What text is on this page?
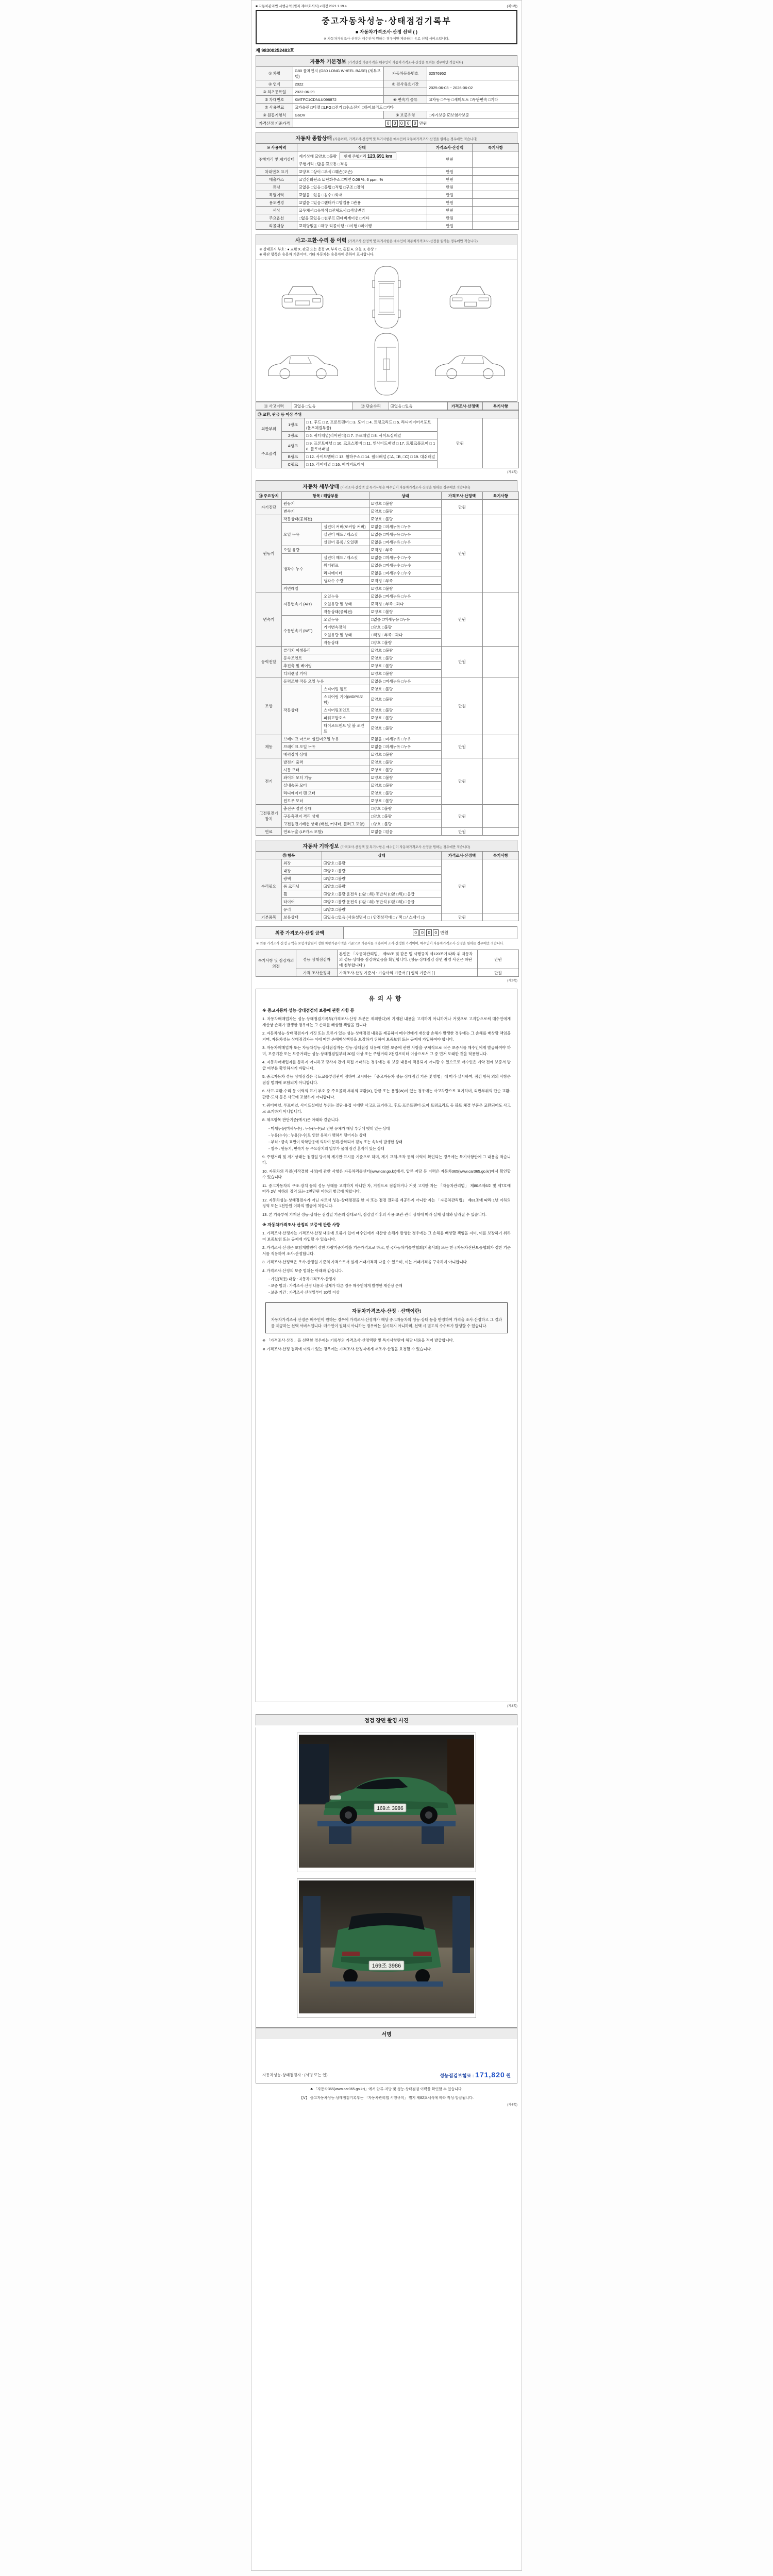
■ 자동차관리법 시행규칙 [별지 제82호서식] <개정 2021.1.19.>	(제1쪽)
중고자동차성능·상태점검기록부
■ 자동차가격조사·산정 선택 ( )
※ 자동차가격조사·산정은 매수인이 원하는 경우에만 제공하는 유료 선택 서비스입니다.
제 98300252483호
자동차 기본정보 (가격산정 기준가격은 매수인이 자동차가격조사·산정을 원하는 경우에만 적습니다)
① 차명	G80 풀체인지 (G80 LONG WHEEL BASE) (세부모델)	자동차등록번호	32576952
② 연식	2022	④ 검사유효기간	2025-06-03 ~ 2026-06-02
③ 최초등록일	2022-06-29		
⑤ 차대번호	KMTFC1CDNLU098872	⑥ 변속기 종류	☑자동 □수동 □세미오토 □무단변속 □기타
⑦ 사용연료	☑가솔린 □디젤 □LPG □전기 □수소전기 □하이브리드 □기타		
⑧ 원동기형식	G6DV	⑨ 보증유형	□자가보증 ☑보험사보증
가격산정 기준가격	0 0 0 0 0 만원		
자동차 종합상태 (사용이력, 가격조사·산정액 및 특기사항은 매수인이 자동차가격조사·산정을 원하는 경우에만 적습니다)
⑩ 사용이력	상태	가격조사·산정액	특기사항
주행거리 및 계기상태	계기상태 ☑양호 □불량 현재 주행거리 123,691 km
주행거리 □많음 ☑보통 □적음	만원	
차대번호 표기	☑양호 □상이 □부식 □훼손(오손)	만원	
배출가스	☑일산화탄소 ☑탄화수소 □매연 0.06 %, 6 ppm, %	만원	
튜닝	☑없음 □있음 □불법 □적법 □구조 □장치	만원	
특별이력	☑없음 □있음 □침수 □화재	만원	
용도변경	☑없음 □있음 □렌터카 □영업용 □관용	만원	
색상	☑무채색 □유채색 □전체도색 □색상변경	만원	
주요옵션	□없음 ☑있음 □썬루프 ☑네비게이션 □기타	만원	
리콜대상	☑해당없음 □해당 리콜이행 : □이행 □미이행	만원	
사고·교환·수리 등 이력 (가격조사·산정액 및 특기사항은 매수인이 자동차가격조사·산정을 원하는 경우에만 적습니다)
※ 상태표시 부호 : ● 교환 X, 판금 또는 용접 W, 부식 C, 흠집 A, 요철 U, 손상 T
※ 하단 항목은 승용차 기준이며, 기타 자동차는 승용차에 준하여 표시합니다.
⑪ 사고이력	☑없음 □있음	⑫ 단순수리	☑없음 □있음	가격조사·산정액	특기사항
⑬ 교환, 판금 등 이상 부위				
외판부위	1랭크	□ 1. 후드 □ 2. 프론트펜더 □ 3. 도어 □ 4. 트렁크리드 □ 5. 라디에이터서포트(볼트체결부품)	만원	
	2랭크	□ 6. 쿼터패널(리어펜더) □ 7. 루프패널 □ 8. 사이드실패널		
주요골격	A랭크	□ 9. 프론트패널 □ 10. 크로스멤버 □ 11. 인사이드패널 □ 17. 트렁크플로어 □ 18. 플로어패널		
	B랭크	□ 12. 사이드멤버 □ 13. 휠하우스 □ 14. 필러패널 (□A, □B, □C) □ 19. 대쉬패널		
	C랭크	□ 15. 리어패널 □ 16. 패키지트레이		
(제1쪽)
자동차 세부상태 (가격조사·산정액 및 특기사항은 매수인이 자동차가격조사·산정을 원하는 경우에만 적습니다)
⑭ 주요장치	항목 / 해당부품		상태	가격조사·산정액	특기사항
자기진단	원동기		☑양호 □불량	만원	
	변속기		☑양호 □불량		
원동기	작동상태(공회전)		☑양호 □불량	만원	
	오일 누유	실린더 커버(로커암 커버)	☑없음 □미세누유 □누유		
		실린더 헤드 / 개스킷	☑없음 □미세누유 □누유		
		실린더 블록 / 오일팬	☑없음 □미세누유 □누유		
	오일 유량		☑적정 □부족		
	냉각수 누수	실린더 헤드 / 개스킷	☑없음 □미세누수 □누수		
		워터펌프	☑없음 □미세누수 □누수		
		라디에이터	☑없음 □미세누수 □누수		
		냉각수 수량	☑적정 □부족		
	커먼레일		☑양호 □불량		
변속기	자동변속기 (A/T)	오일누유	☑없음 □미세누유 □누유	만원	
		오일유량 및 상태	☑적정 □부족 □과다		
		작동상태(공회전)	☑양호 □불량		
	수동변속기 (M/T)	오일누유	□없음 □미세누유 □누유		
		기어변속장치	□양호 □불량		
		오일유량 및 상태	□적정 □부족 □과다		
		작동상태	□양호 □불량		
동력전달	클러치 어셈블리		☑양호 □불량	만원	
	등속조인트		☑양호 □불량		
	추진축 및 베어링		☑양호 □불량		
	디퍼렌셜 기어		☑양호 □불량		
조향	동력조향 작동 오일 누유		☑없음 □미세누유 □누유	만원	
	작동상태	스티어링 펌프	☑양호 □불량		
		스티어링 기어(MDPS포함)	☑양호 □불량		
		스티어링조인트	☑양호 □불량		
		파워고압호스	☑양호 □불량		
		타이로드엔드 및 볼 조인트	☑양호 □불량		
제동	브레이크 마스터 실린더오일 누유		☑없음 □미세누유 □누유	만원	
	브레이크 오일 누유		☑없음 □미세누유 □누유		
	배력장치 상태		☑양호 □불량		
전기	발전기 출력		☑양호 □불량	만원	
	시동 모터		☑양호 □불량		
	와이퍼 모터 기능		☑양호 □불량		
	실내송풍 모터		☑양호 □불량		
	라디에이터 팬 모터		☑양호 □불량		
	윈도우 모터		☑양호 □불량		
고전원전기장치	충전구 절연 상태		□양호 □불량	만원	
	구동축전지 격리 상태		□양호 □불량		
	고전원전기배선 상태 (배선, 커넥터, 플러그 포함)		□양호 □불량		
연료	연료누출 (LP가스 포함)		☑없음 □있음	만원	
자동차 기타정보 (가격조사·산정액 및 특기사항은 매수인이 자동차가격조사·산정을 원하는 경우에만 적습니다)
⑮ 항목		상태	가격조사·산정액	특기사항
수리필요	외장	☑양호 □불량	만원	
	내장	☑양호 □불량		
	광택	☑양호 □불량		
	룸 크리닝	☑양호 □불량		
	휠	☑양호 □불량 운전석 (□앞 □뒤) 동반석 (□앞 □뒤) □응급		
	타이어	☑양호 □불량 운전석 (□앞 □뒤) 동반석 (□앞 □뒤) □응급		
	유리	☑양호 □불량		
기본품목	보유상태	☑있음 □없음 (사용설명서 □ / 안전삼각대 □ / 잭 □ / 스패너 □)	만원	
최종 가격조사·산정 금액	0 0 0 0 만원
※ 최종 가격조사·산정 금액은 보험개발원이 정한 차량기준가액을 기준으로 기준서를 적용하여 조사·산정한 가격이며, 매수인이 자동차가격조사·산정을 원하는 경우에만 적습니다.
특기사항 및 점검자의 의견	성능·상태점검자	본인은 「자동차관리법」 제58조 및 같은 법 시행규칙 제120조에 따라 위 자동차의 성능·상태를 점검하였음을 확인합니다. (성능·상태점검 장면 촬영 사진은 하단에 첨부합니다.)	만원
	가격·조사산정자	가격조사·산정 기준서 : 기술사회 기준서 [ ] 협회 기준서 [ ]	만원
(제2쪽)
유의사항
※ 중고자동차 성능·상태점검의 보증에 관한 사항 등
1. 자동차매매업자는 성능·상태점검기록부(가격조사·산정 부분은 제외한다)에 기재된 내용을 고지하지 아니하거나 거짓으로 고지함으로써 매수인에게 재산상 손해가 발생한 경우에는 그 손해를 배상할 책임을 집니다.
2. 자동차성능·상태점검자가 거짓 또는 오류가 있는 성능·상태점검 내용을 제공하여 매수인에게 재산상 손해가 발생한 경우에는 그 손해를 배상할 책임을 지며, 자동차성능·상태점검자는 이에 따른 손해배상책임을 보장하기 위하여 보증보험 또는 공제에 가입하여야 합니다.
3. 자동차매매업자 또는 자동차성능·상태점검자는 성능·상태점검 내용에 대한 보증에 관한 사항을 구체적으로 적은 보증서를 매수인에게 발급하여야 하며, 보증기간 또는 보증거리는 성능·상태점검일부터 30일 이상 또는 주행거리 2천킬로미터 이상으로서 그 중 먼저 도래한 것을 적용합니다.
4. 자동차매매업자를 통하지 아니하고 당사자 간에 직접 거래하는 경우에는 위 보증 내용이 적용되지 아니할 수 있으므로 매수인은 계약 전에 보증서 발급 여부를 확인하시기 바랍니다.
5. 중고자동차 성능·상태점검은 국토교통부장관이 정하여 고시하는 「중고자동차 성능·상태점검 기준 및 방법」에 따라 실시하며, 점검 항목 외의 사항은 점검 범위에 포함되지 아니합니다.
6. 사고·교환·수리 등 이력의 표기 부호 중 주요골격 부위의 교환(X), 판금 또는 용접(W)이 있는 경우에는 사고차량으로 표기하며, 외판부위의 단순 교환·판금·도색 등은 사고에 포함하지 아니합니다.
7. 쿼터패널, 루프패널, 사이드실패널 부위는 절단·용접 시에만 사고로 표기하고, 후드·프론트펜더·도어·트렁크리드 등 볼트 체결 부품은 교환되어도 사고로 표기하지 아니합니다.
8. 체크항목 판단기준(예시)은 아래와 같습니다.
- 미세누유(미세누수) : 누유(누수)로 인한 유체가 해당 부위에 맺혀 있는 상태
- 누유(누수) : 누유(누수)로 인한 유체가 맺혀서 떨어지는 상태
- 부식 : 금속 표면이 화학반응에 의하여 분해·산화되어 겉녹 또는 속녹이 발생한 상태
- 침수 : 원동기, 변속기 등 주요장치의 일부가 물에 잠긴 흔적이 있는 상태
9. 주행거리 및 계기상태는 점검일 당시의 계기판 표시를 기준으로 하며, 계기 교체·조작 등의 이력이 확인되는 경우에는 특기사항란에 그 내용을 적습니다.
10. 자동차의 리콜(제작결함 시정)에 관한 사항은 자동차리콜센터(www.car.go.kr)에서, 압류·저당 등 이력은 자동차365(www.car365.go.kr)에서 확인할 수 있습니다.
11. 중고자동차의 구조·장치 등의 성능·상태를 고지하지 아니한 자, 거짓으로 점검하거나 거짓 고지한 자는 「자동차관리법」 제80조제6호 및 제7호에 따라 2년 이하의 징역 또는 2천만원 이하의 벌금에 처합니다.
12. 자동차성능·상태점검자가 아닌 자로서 성능·상태점검을 한 자 또는 점검 결과를 제공하지 아니한 자는 「자동차관리법」 제81조에 따라 1년 이하의 징역 또는 1천만원 이하의 벌금에 처합니다.
13. 본 기록부에 기재된 성능·상태는 점검일 기준의 상태로서, 점검일 이후의 사용·보관·관리 상태에 따라 실제 상태와 달라질 수 있습니다.
※ 자동차가격조사·산정의 보증에 관한 사항
1. 가격조사·산정자는 가격조사·산정 내용에 오류가 있어 매수인에게 재산상 손해가 발생한 경우에는 그 손해를 배상할 책임을 지며, 이를 보장하기 위하여 보증보험 또는 공제에 가입할 수 있습니다.
2. 가격조사·산정은 보험개발원이 정한 차량기준가액을 기준가격으로 하고, 한국자동차기술인협회(기술사회) 또는 한국자동차진단보증협회가 정한 기준서를 적용하여 조사·산정합니다.
3. 가격조사·산정액은 조사·산정일 기준의 가격으로서 실제 거래가격과 다를 수 있으며, 이는 거래가격을 구속하지 아니합니다.
4. 가격조사·산정의 보증 범위는 아래와 같습니다.
- 가입(적용) 대상 : 자동차가격조사·산정자
- 보증 범위 : 가격조사·산정 내용과 실제가 다른 경우 매수인에게 발생한 재산상 손해
- 보증 기간 : 가격조사·산정일부터 30일 이상
자동차가격조사·산정 · 선택이란!
자동차가격조사·산정은 매수인이 원하는 경우에 가격조사·산정자가 해당 중고자동차의 성능·상태 등을 반영하여 가격을 조사·산정하고 그 결과를 제공하는 선택 서비스입니다. 매수인이 원하지 아니하는 경우에는 실시하지 아니하며, 선택 시 별도의 수수료가 발생할 수 있습니다.
※ 「가격조사·산정」을 선택한 경우에는 기록부의 가격조사·산정액란 및 특기사항란에 해당 내용을 적어 발급합니다.
※ 가격조사·산정 결과에 이의가 있는 경우에는 가격조사·산정자에게 재조사·산정을 요청할 수 있습니다.
(제3쪽)
점검 장면 촬영 사진
169조 3986
169조 3986
서명
자동차성능·상태점검자 : (서명 또는 인)	성능점검보험료 : 171,820 원
♣ 「자동차365(www.car365.go.kr)」에서 압류·저당 및 성능·상태점검 이력을 확인할 수 있습니다.
【Ⅴ】 중고자동차성능·상태점검기록부는 「자동차관리법 시행규칙」 별지 제82호서식에 따라 작성·발급됩니다.
(제4쪽)
